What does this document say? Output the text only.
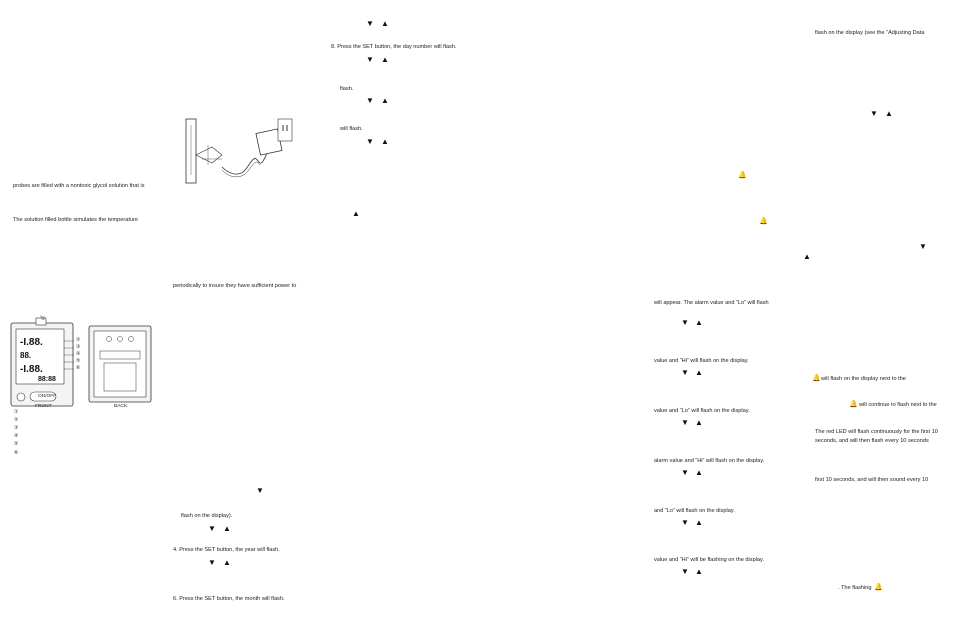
probes are filled with a nontoxic glycol solution that is
The solution filled bottle simulates the temperature
-I.88.
88.
-I.88.
88:88
①
②
③
④
⑤
⑥
ON/OFF
FRONT	BACK
①
②
③
④
⑤
⑥
periodically to insure they have sufficient power to
▼
flash on the display).
▼ ▲
4. Press the SET button, the year will flash.
▼ ▲
6. Press the SET button, the month will flash.
▼ ▲
8. Press the SET button, the day number will flash.
▼ ▲
flash.
▼ ▲
will flash.
▼ ▲
▲
will appear. The alarm value and “Lo” will flash
▼ ▲
value and “Hi” will flash on the display.
▼ ▲
value and “Lo” will flash on the display.
▼ ▲
alarm value and “Hi” will flash on the display.
▼ ▲
and “Lo” will flash on the display.
▼ ▲
value and “Hi” will be flashing on the display.
▼ ▲
flash on the display (see the “Adjusting Data
▼ ▲
🔔
🔔
▼
▲
🔔 will flash on the display next to the
🔔 will continue to flash next to the
The red LED will flash continuously for the first 10
seconds, and will then flash every 10 seconds
first 10 seconds, and will then sound every 10
. The flashing 🔔
